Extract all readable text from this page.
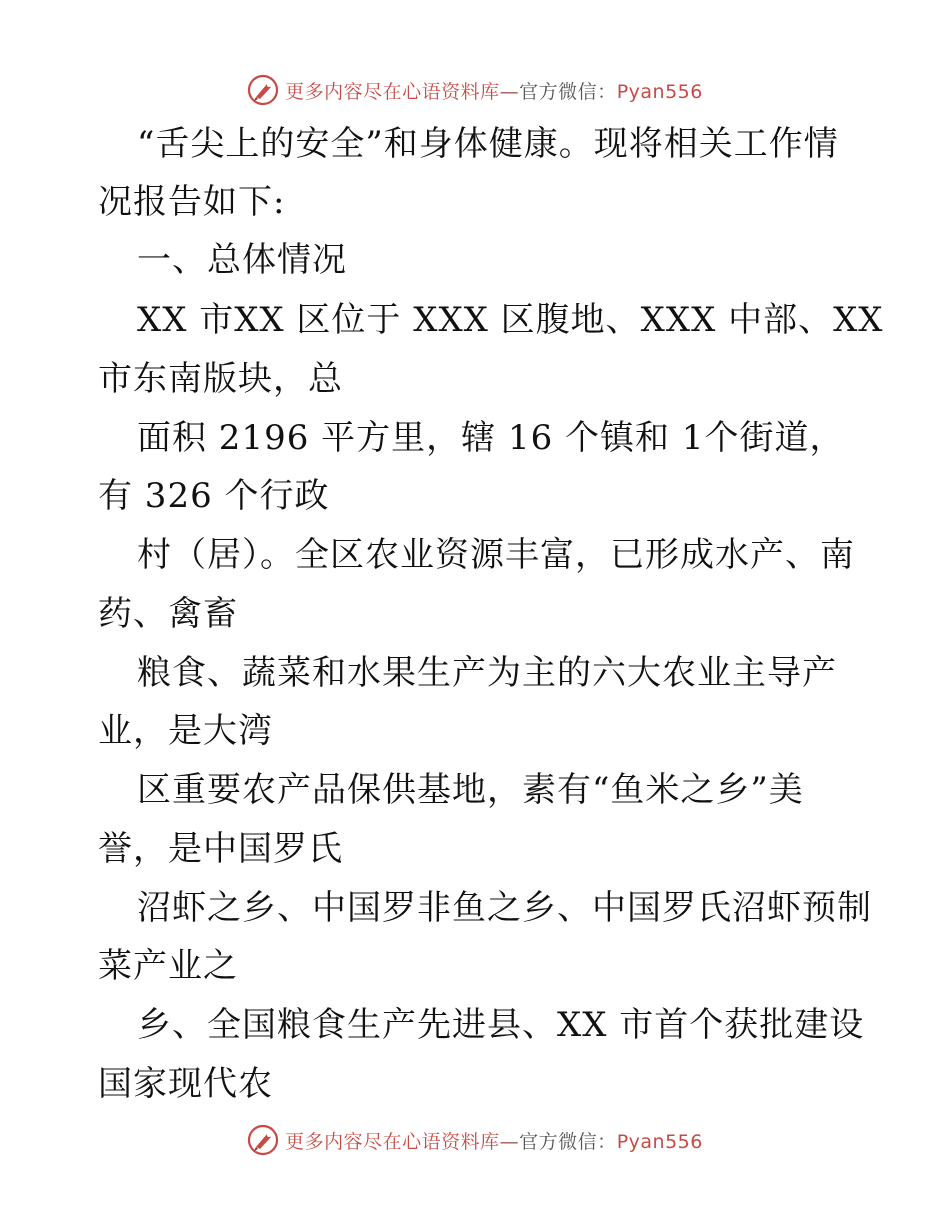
更多内容尽在心语资料库—官方微信：Pyan556
“舌尖上的安全”和身体健康。现将相关工作情
况报告如下:
一、总体情况
XX 市XX 区位于 XXX 区腹地、XXX 中部、XX
市东南版块，总
面积 2196 平方里，辖 16 个镇和 1个街道，
有 326 个行政
村（居）。全区农业资源丰富，已形成水产、南
药、禽畜
粮食、蔬菜和水果生产为主的六大农业主导产
业，是大湾
区重要农产品保供基地，素有“鱼米之乡”美
誉，是中国罗氏
沼虾之乡、中国罗非鱼之乡、中国罗氏沼虾预制
菜产业之
乡、全国粮食生产先进县、XX 市首个获批建设
国家现代农
更多内容尽在心语资料库—官方微信：Pyan556
